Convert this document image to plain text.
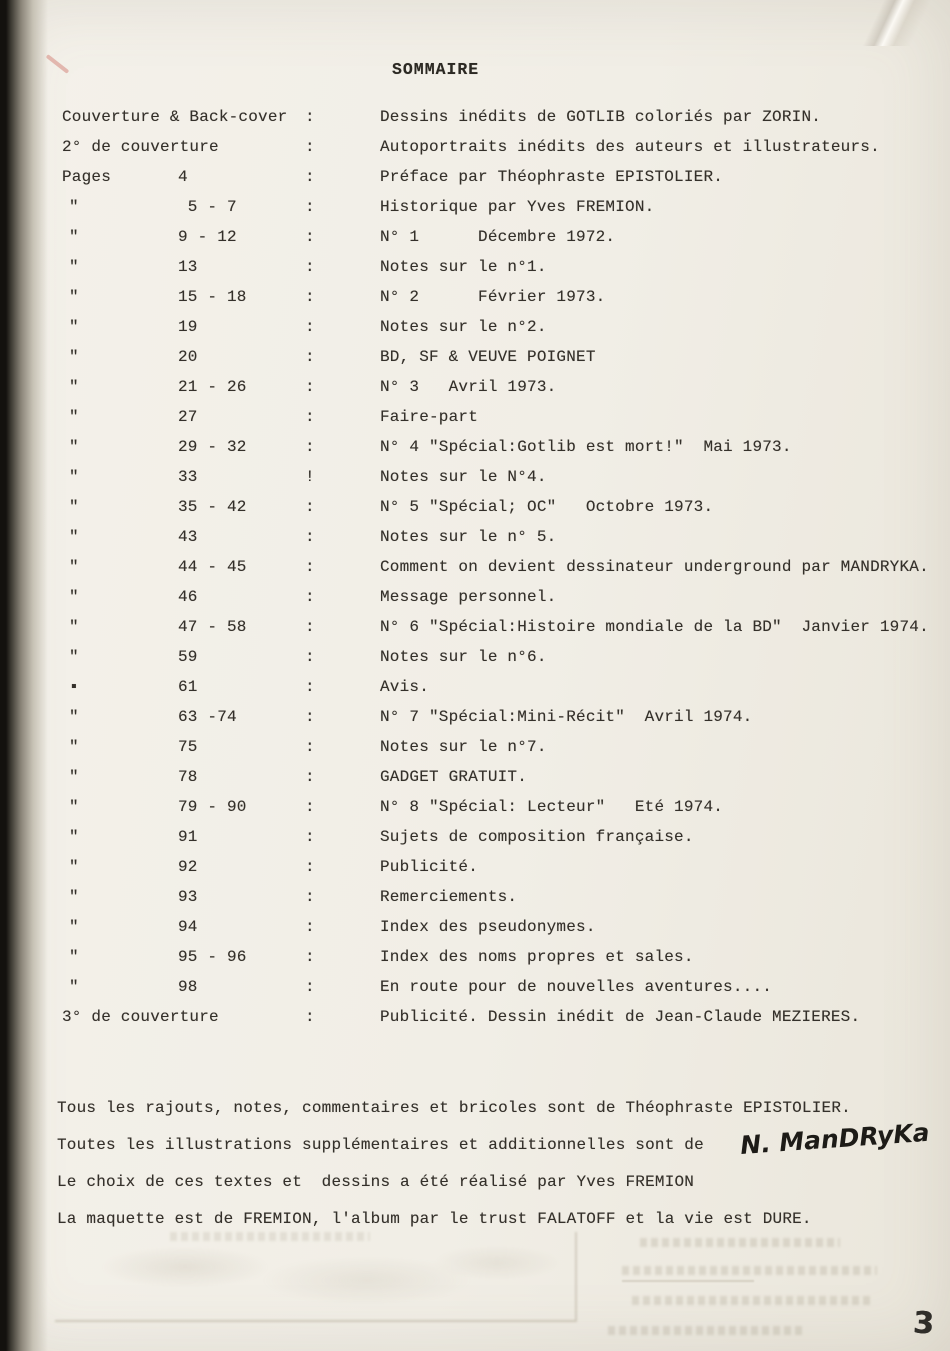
SOMMAIRE
Couverture & Back-cover :	Dessins inédits de GOTLIB coloriés par ZORIN.
2° de couverture	:	Autoportraits inédits des auteurs et illustrateurs.
Pages	4	:	Préface par Théophraste EPISTOLIER.
"	5 - 7	:	Historique par Yves FREMION.
"	9 - 12	:	N° 1      Décembre 1972.
"	13	:	Notes sur le n°1.
"	15 - 18	:	N° 2      Février 1973.
"	19	:	Notes sur le n°2.
"	20	:	BD, SF & VEUVE POIGNET
"	21 - 26	:	N° 3   Avril 1973.
"	27	:	Faire-part
"	29 - 32	:	N° 4 "Spécial:Gotlib est mort!"  Mai 1973.
"	33	!	Notes sur le N°4.
"	35 - 42	:	N° 5 "Spécial; OC"   Octobre 1973.
"	43	:	Notes sur le n° 5.
"	44 - 45	:	Comment on devient dessinateur underground par MANDRYKA.
"	46	:	Message personnel.
"	47 - 58	:	N° 6 "Spécial:Histoire mondiale de la BD"  Janvier 1974.
"	59	:	Notes sur le n°6.
▪	61	:	Avis.
"	63 -74	:	N° 7 "Spécial:Mini-Récit"  Avril 1974.
"	75	:	Notes sur le n°7.
"	78	:	GADGET GRATUIT.
"	79 - 90	:	N° 8 "Spécial: Lecteur"   Eté 1974.
"	91	:	Sujets de composition française.
"	92	:	Publicité.
"	93	:	Remerciements.
"	94	:	Index des pseudonymes.
"	95 - 96	:	Index des noms propres et sales.
"	98	:	En route pour de nouvelles aventures....
3° de couverture	:	Publicité. Dessin inédit de Jean-Claude MEZIERES.
Tous les rajouts, notes, commentaires et bricoles sont de Théophraste EPISTOLIER.
Toutes les illustrations supplémentaires et additionnelles sont de
Le choix de ces textes et  dessins a été réalisé par Yves FREMION
La maquette est de FREMION, l'album par le trust FALATOFF et la vie est DURE.
N. ManDRyKa
3
